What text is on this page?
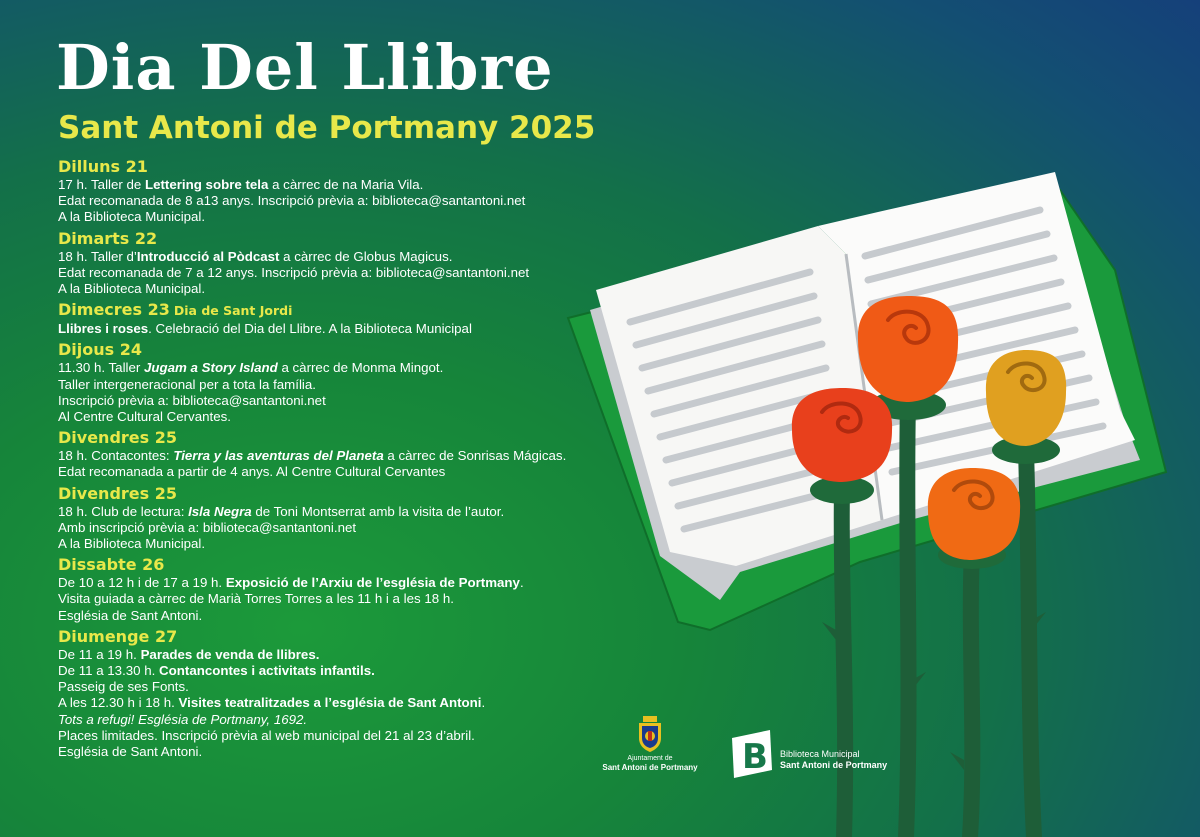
Dia Del Llibre
Sant Antoni de Portmany 2025
Dilluns 21
17 h. Taller de Lettering sobre tela a càrrec de na Maria Vila.
Edat recomanada de 8 a13 anys. Inscripció prèvia a: biblioteca@santantoni.net
A la Biblioteca Municipal.
Dimarts 22
18 h. Taller d’Introducció al Pòdcast a càrrec de Globus Magicus.
Edat recomanada de 7 a 12 anys. Inscripció prèvia a: biblioteca@santantoni.net
A la Biblioteca Municipal.
Dimecres 23 Dia de Sant Jordi
Llibres i roses. Celebració del Dia del Llibre. A la Biblioteca Municipal
Dijous 24
11.30 h. Taller Jugam a Story Island a càrrec de Monma Mingot.
Taller intergeneracional per a tota la família.
Inscripció prèvia a: biblioteca@santantoni.net
Al Centre Cultural Cervantes.
Divendres 25
18 h. Contacontes: Tierra y las aventuras del Planeta a càrrec de Sonrisas Mágicas.
Edat recomanada a partir de 4 anys. Al Centre Cultural Cervantes
Divendres 25
18 h. Club de lectura: Isla Negra de Toni Montserrat amb la visita de l’autor.
Amb inscripció prèvia a: biblioteca@santantoni.net
A la Biblioteca Municipal.
Dissabte 26
De 10 a 12 h i de 17 a 19 h. Exposició de l’Arxiu de l’església de Portmany.
Visita guiada a càrrec de Marià Torres Torres a les 11 h i a les 18 h.
Església de Sant Antoni.
Diumenge 27
De 11 a 19 h. Parades de venda de llibres.
De 11 a 13.30 h. Contancontes i activitats infantils.
Passeig de ses Fonts.
A les 12.30 h i 18 h. Visites teatralitzades a l’església de Sant Antoni.
Tots a refugi! Església de Portmany, 1692.
Places limitades. Inscripció prèvia al web municipal del 21 al 23 d’abril.
Església de Sant Antoni.	Ajuntament de
Sant Antoni de Portmany B Biblioteca Municipal
Sant Antoni de Portmany
